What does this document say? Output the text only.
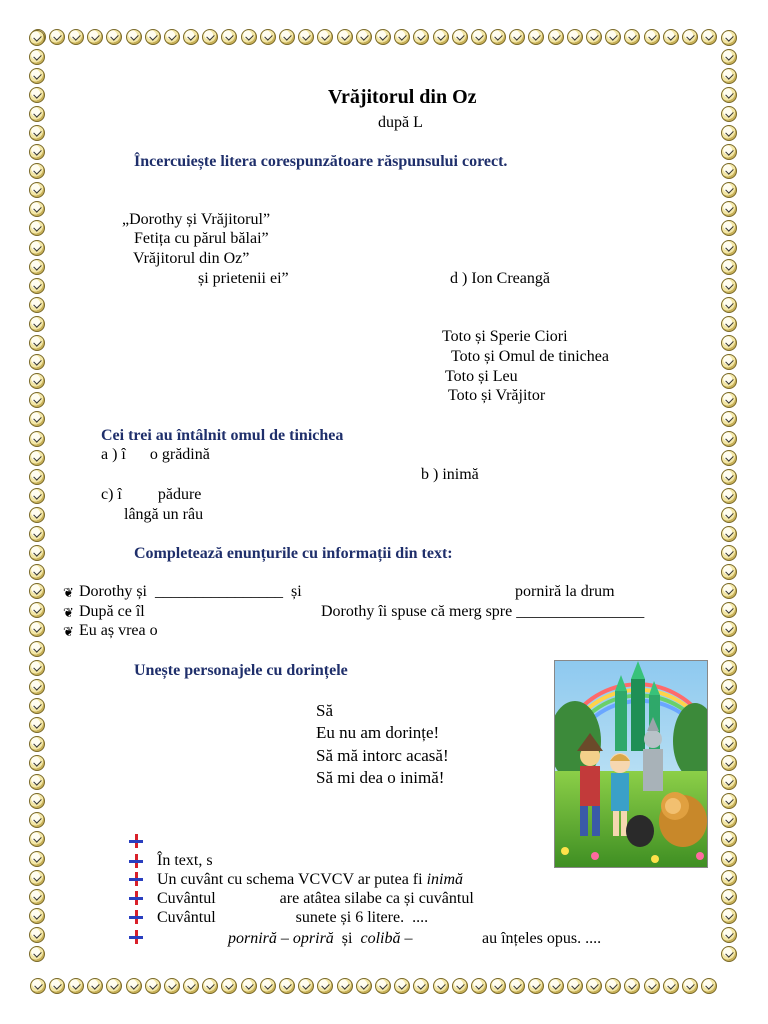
Vrăjitorul din Oz
după L
Încercuiește litera corespunzătoare răspunsului corect.
„Dorothy și Vrăjitorul”
Fetița cu părul bălai”
Vrăjitorul din Oz”
și prietenii ei”	d ) Ion Creangă
Toto și Sperie Ciori
Toto și Omul de tinichea
Toto și Leu
Toto și Vrăjitor
Cei trei au întâlnit omul de tinichea
a ) î      o grădină
b ) inimă
c) î         pădure
lângă un râu
Completează enunțurile cu informații din text:
❦ Dorothy și  ________________  și	porniră la drum
❦ După ce îl	Dorothy îi spuse că merg spre ________________
❦ Eu aș vrea o
Unește personajele cu dorințele
Să
Eu nu am dorințe!
Să mă intorc acasă!
Să mi dea o inimă!
În text, s
Un cuvânt cu schema VCVCV ar putea fi inimă
Cuvântul                are atâtea silabe ca și cuvântul
Cuvântul                    sunete și 6 litere.  ....
porniră – opriră și colibă –	au înțeles opus. ....
